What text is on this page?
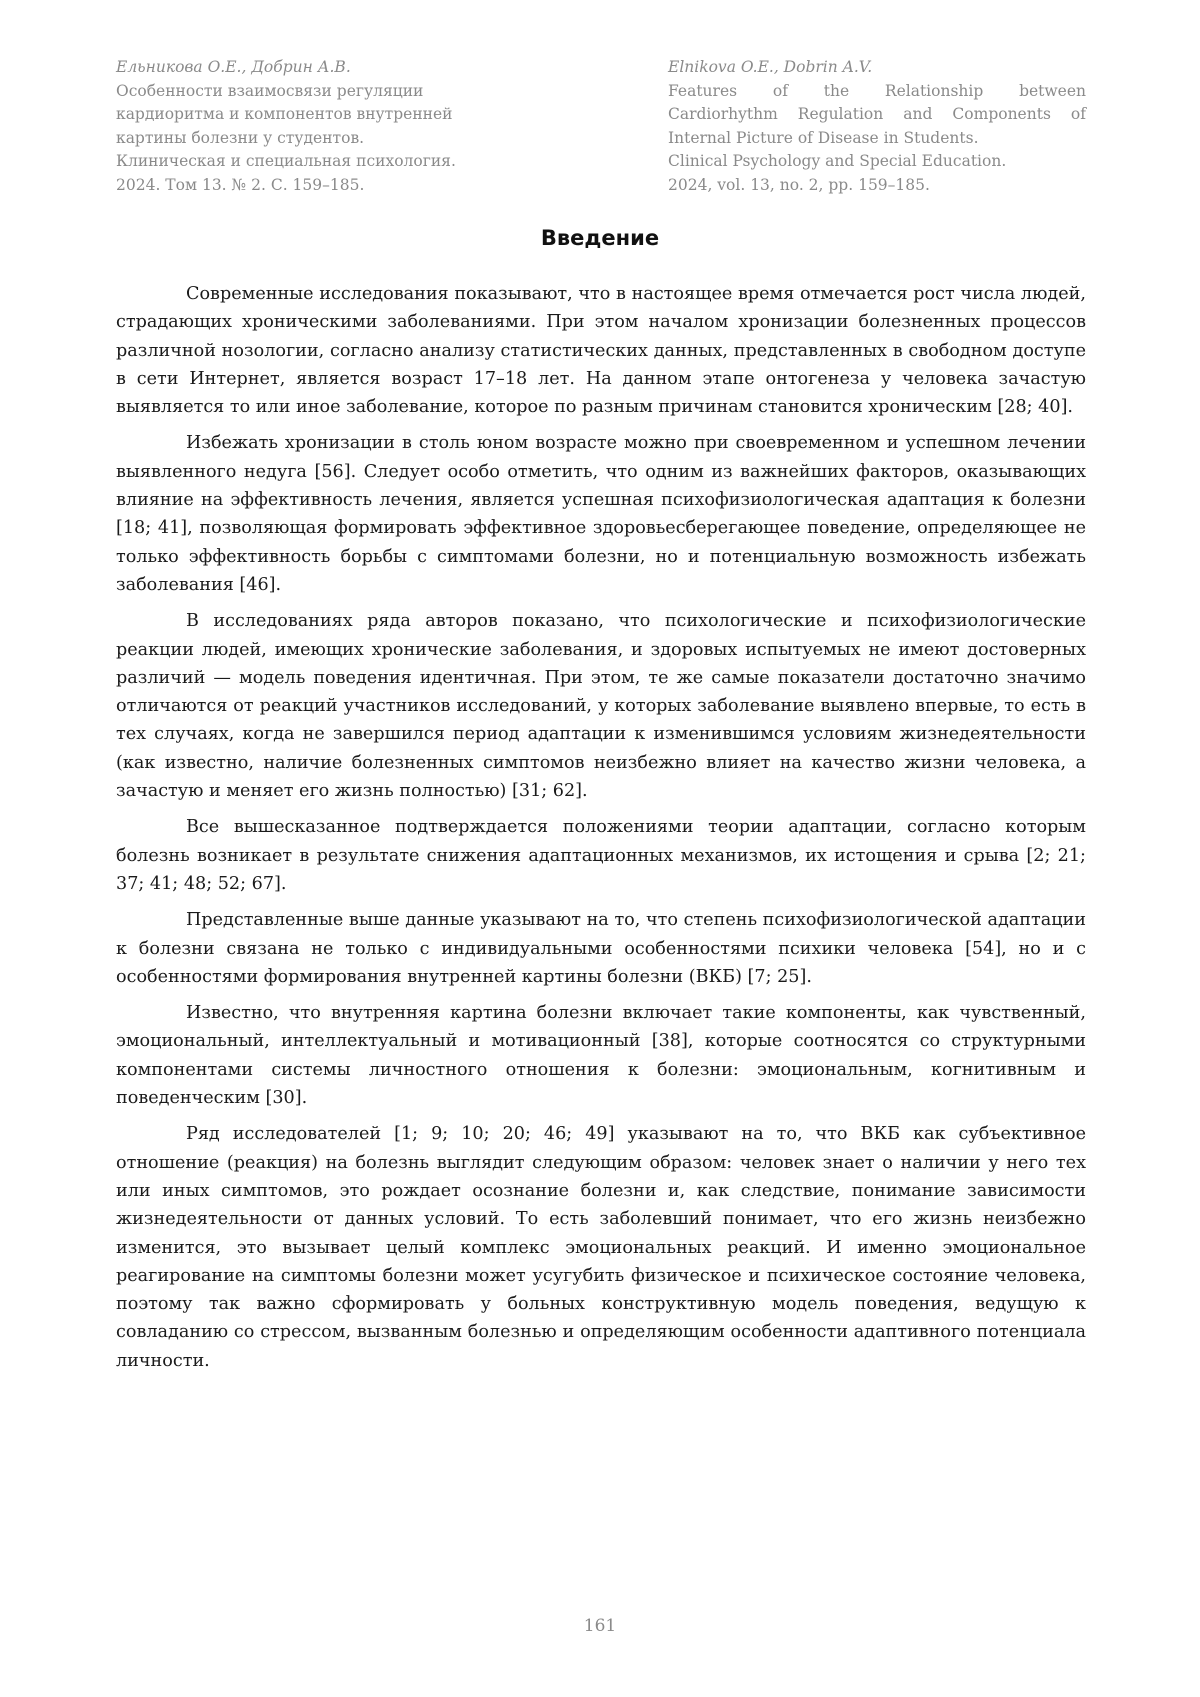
Ельникова О.Е., Добрин А.В.
Особенности взаимосвязи регуляции
кардиоритма и компонентов внутренней
картины болезни у студентов.
Клиническая и специальная психология.
2024. Том 13. № 2. С. 159–185.
Elnikova O.E., Dobrin A.V.
Features of the Relationship between
Cardiorhythm Regulation and Components of
Internal Picture of Disease in Students.
Clinical Psychology and Special Education.
2024, vol. 13, no. 2, pp. 159–185.
Введение

Современные исследования показывают, что в настоящее время отмечается рост числа людей, страдающих хроническими заболеваниями. При этом началом хронизации болезненных процессов различной нозологии, согласно анализу статистических данных, представленных в свободном доступе в сети Интернет, является возраст 17–18 лет. На данном этапе онтогенеза у человека зачастую выявляется то или иное заболевание, которое по разным причинам становится хроническим [28; 40].

Избежать хронизации в столь юном возрасте можно при своевременном и успешном лечении выявленного недуга [56]. Следует особо отметить, что одним из важнейших факторов, оказывающих влияние на эффективность лечения, является успешная психофизиологическая адаптация к болезни [18; 41], позволяющая формировать эффективное здоровьесберегающее поведение, определяющее не только эффективность борьбы с симптомами болезни, но и потенциальную возможность избежать заболевания [46].

В исследованиях ряда авторов показано, что психологические и психофизиологические реакции людей, имеющих хронические заболевания, и здоровых испытуемых не имеют достоверных различий — модель поведения идентичная. При этом, те же самые показатели достаточно значимо отличаются от реакций участников исследований, у которых заболевание выявлено впервые, то есть в тех случаях, когда не завершился период адаптации к изменившимся условиям жизнедеятельности (как известно, наличие болезненных симптомов неизбежно влияет на качество жизни человека, а зачастую и меняет его жизнь полностью) [31; 62].

Все вышесказанное подтверждается положениями теории адаптации, согласно которым болезнь возникает в результате снижения адаптационных механизмов, их истощения и срыва [2; 21; 37; 41; 48; 52; 67].

Представленные выше данные указывают на то, что степень психофизиологической адаптации к болезни связана не только с индивидуальными особенностями психики человека [54], но и с особенностями формирования внутренней картины болезни (ВКБ) [7; 25].

Известно, что внутренняя картина болезни включает такие компоненты, как чувственный, эмоциональный, интеллектуальный и мотивационный [38], которые соотносятся со структурными компонентами системы личностного отношения к болезни: эмоциональным, когнитивным и поведенческим [30].

Ряд исследователей [1; 9; 10; 20; 46; 49] указывают на то, что ВКБ как субъективное отношение (реакция) на болезнь выглядит следующим образом: человек знает о наличии у него тех или иных симптомов, это рождает осознание болезни и, как следствие, понимание зависимости жизнедеятельности от данных условий. То есть заболевший понимает, что его жизнь неизбежно изменится, это вызывает целый комплекс эмоциональных реакций. И именно эмоциональное реагирование на симптомы болезни может усугубить физическое и психическое состояние человека, поэтому так важно сформировать у больных конструктивную модель поведения, ведущую к совладанию со стрессом, вызванным болезнью и определяющим особенности адаптивного потенциала личности.

161
